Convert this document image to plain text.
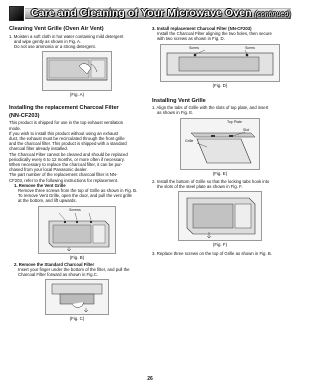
Care and Cleaning of Your Microwave Oven (continued)
Cleaning Vent Grille (Oven Air Vent)

1. Moisten a soft cloth in hot water containing mild detergent

and wipe gently as shown in Fig. A.

Do not use ammonia or a strong detergent.

(Fig. A)
Installing the replacement Charcoal Filter
(NN-CF203)

This product is shipped for use in the top exhaust ventilation

mode.

If you wish to install this product without using an exhaust

duct, the exhaust must be recirculated through the front grille

and the charcoal filter. This product is shipped with a standard

charcoal filter already installed.

The Charcoal Filter cannot be cleaned and should be replaced

periodically every 6 to 12 months, or more often if necessary.

When necessary to replace the charcoal filter, it can be pur-

chased from your local Panasonic dealer.

The part number of the replacement charcoal filter is NN-

CF203, refer to the following instructions for replacement.

1. Remove the Vent Grille

Remove three screws from the top of Grille as shown in Fig. B.

To remove Vent Grille, open the door, and pull the vent grille

at the bottom, and lift upwards.

Screws
(Fig. B)

2. Remove the Standard Charcoal Filter

Insert your finger under the bottom of the filter, and pull the

Charcoal Filter forward as shown in Fig.C.

(Fig. C)

3. Install replacement Charcoal Filter (NN-CF203)

Install the Charcoal Filter aligning the two holes, then secure

with two screws as shown in Fig. D.

Screw	Screw
(Fig. D)
Installing Vent Grille

1. Align the tabs of Grille with the slots of top plate, and insert

as shown in Fig. E.

Top Plate
Slot
Grille
(Fig. E)

2. Install the bottom of Grille so that the locking tabs hook into

the slots of the steel plate as shown in Fig. F.

(Fig. F)

3. Replace three screws on the top of Grille as shown in Fig. B.

26
